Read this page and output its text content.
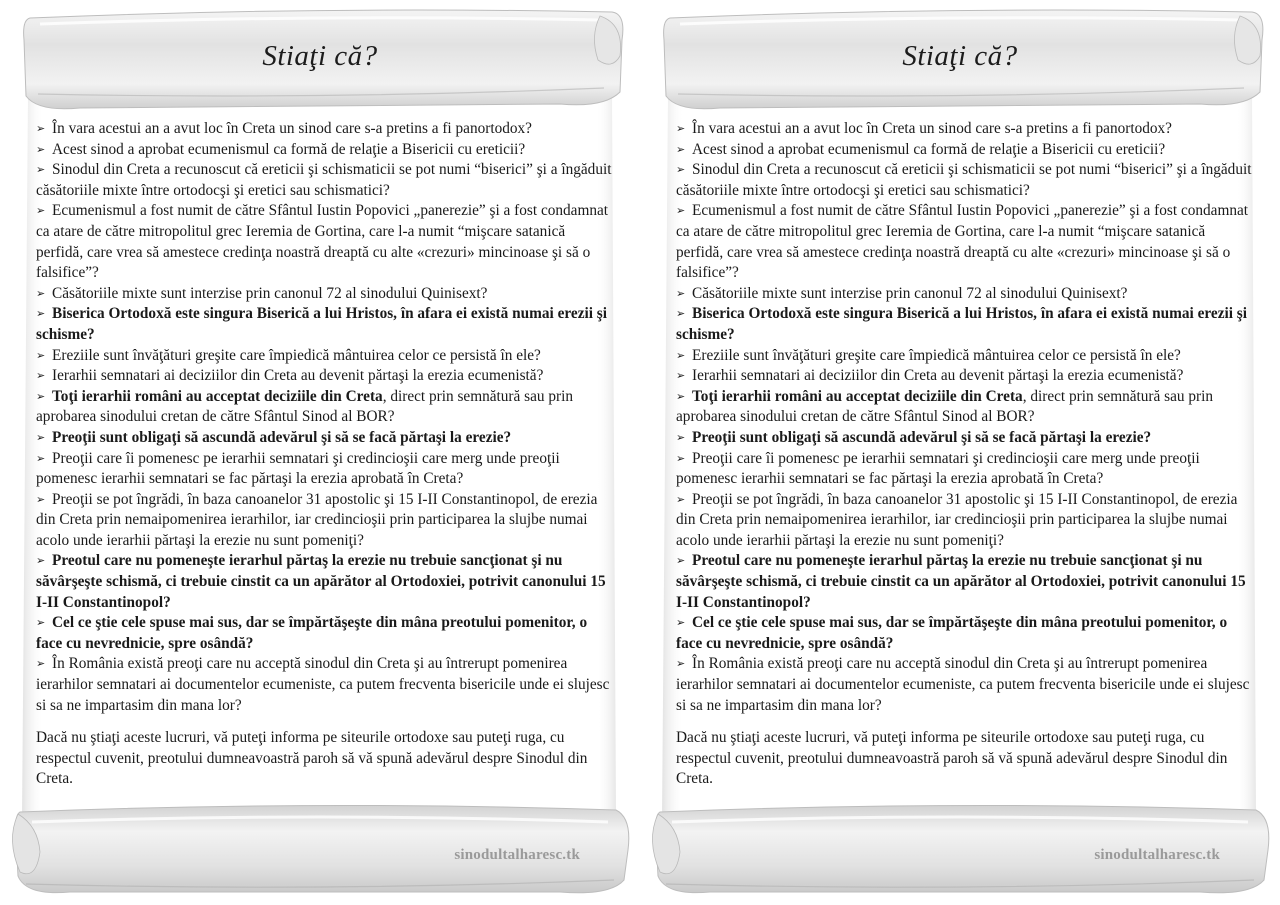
Stiaţi că?
➢ În vara acestui an a avut loc în Creta un sinod care s-a pretins a fi panortodox?
➢ Acest sinod a aprobat ecumenismul ca formă de relaţie a Bisericii cu ereticii?
➢ Sinodul din Creta a recunoscut că ereticii şi schismaticii se pot numi “biserici” şi a îngăduit căsătoriile mixte între ortodocşi şi eretici sau schismatici?
➢ Ecumenismul a fost numit de către Sfântul Iustin Popovici „panerezie” şi a fost condamnat ca atare de către mitropolitul grec Ieremia de Gortina, care l-a numit “mişcare satanică perfidă, care vrea să amestece credinţa noastră dreaptă cu alte «crezuri» mincinoase şi să o falsifice”?
➢ Căsătoriile mixte sunt interzise prin canonul 72 al sinodului Quinisext?
➢ Biserica Ortodoxă este singura Biserică a lui Hristos, în afara ei există numai erezii şi schisme?
➢ Ereziile sunt învăţături greşite care împiedică mântuirea celor ce persistă în ele?
➢ Ierarhii semnatari ai deciziilor din Creta au devenit părtaşi la erezia ecumenistă?
➢ Toţi ierarhii români au acceptat deciziile din Creta, direct prin semnătură sau prin aprobarea sinodului cretan de către Sfântul Sinod al BOR?
➢ Preoţii sunt obligaţi să ascundă adevărul şi să se facă părtaşi la erezie?
➢ Preoţii care îi pomenesc pe ierarhii semnatari şi credincioşii care merg unde preoţii pomenesc ierarhii semnatari se fac părtaşi la erezia aprobată în Creta?
➢ Preoţii se pot îngrădi, în baza canoanelor 31 apostolic şi 15 I-II Constantinopol, de erezia din Creta prin nemaipomenirea ierarhilor, iar credincioşii prin participarea la slujbe numai acolo unde ierarhii părtaşi la erezie nu sunt pomeniţi?
➢ Preotul care nu pomeneşte ierarhul părtaş la erezie nu trebuie sancţionat şi nu săvârşeşte schismă, ci trebuie cinstit ca un apărător al Ortodoxiei, potrivit canonului 15 I-II Constantinopol?
➢ Cel ce ştie cele spuse mai sus, dar se împărtăşeşte din mâna preotului pomenitor, o face cu nevrednicie, spre osândă?
➢ În România există preoţi care nu acceptă sinodul din Creta şi au întrerupt pomenirea ierarhilor semnatari ai documentelor ecumeniste, ca putem frecventa bisericile unde ei slujesc si sa ne impartasim din mana lor?
Dacă nu ştiaţi aceste lucruri, vă puteţi informa pe siteurile ortodoxe sau puteţi ruga, cu respectul cuvenit, preotului dumneavoastră paroh să vă spună adevărul despre Sinodul din Creta.
sinodultalharesc.tk
Stiaţi că?
➢ În vara acestui an a avut loc în Creta un sinod care s-a pretins a fi panortodox?
➢ Acest sinod a aprobat ecumenismul ca formă de relaţie a Bisericii cu ereticii?
➢ Sinodul din Creta a recunoscut că ereticii şi schismaticii se pot numi “biserici” şi a îngăduit căsătoriile mixte între ortodocşi şi eretici sau schismatici?
➢ Ecumenismul a fost numit de către Sfântul Iustin Popovici „panerezie” şi a fost condamnat ca atare de către mitropolitul grec Ieremia de Gortina, care l-a numit “mişcare satanică perfidă, care vrea să amestece credinţa noastră dreaptă cu alte «crezuri» mincinoase şi să o falsifice”?
➢ Căsătoriile mixte sunt interzise prin canonul 72 al sinodului Quinisext?
➢ Biserica Ortodoxă este singura Biserică a lui Hristos, în afara ei există numai erezii şi schisme?
➢ Ereziile sunt învăţături greşite care împiedică mântuirea celor ce persistă în ele?
➢ Ierarhii semnatari ai deciziilor din Creta au devenit părtaşi la erezia ecumenistă?
➢ Toţi ierarhii români au acceptat deciziile din Creta, direct prin semnătură sau prin aprobarea sinodului cretan de către Sfântul Sinod al BOR?
➢ Preoţii sunt obligaţi să ascundă adevărul şi să se facă părtaşi la erezie?
➢ Preoţii care îi pomenesc pe ierarhii semnatari şi credincioşii care merg unde preoţii pomenesc ierarhii semnatari se fac părtaşi la erezia aprobată în Creta?
➢ Preoţii se pot îngrădi, în baza canoanelor 31 apostolic şi 15 I-II Constantinopol, de erezia din Creta prin nemaipomenirea ierarhilor, iar credincioşii prin participarea la slujbe numai acolo unde ierarhii părtaşi la erezie nu sunt pomeniţi?
➢ Preotul care nu pomeneşte ierarhul părtaş la erezie nu trebuie sancţionat şi nu săvârşeşte schismă, ci trebuie cinstit ca un apărător al Ortodoxiei, potrivit canonului 15 I-II Constantinopol?
➢ Cel ce ştie cele spuse mai sus, dar se împărtăşeşte din mâna preotului pomenitor, o face cu nevrednicie, spre osândă?
➢ În România există preoţi care nu acceptă sinodul din Creta şi au întrerupt pomenirea ierarhilor semnatari ai documentelor ecumeniste, ca putem frecventa bisericile unde ei slujesc si sa ne impartasim din mana lor?
Dacă nu ştiaţi aceste lucruri, vă puteţi informa pe siteurile ortodoxe sau puteţi ruga, cu respectul cuvenit, preotului dumneavoastră paroh să vă spună adevărul despre Sinodul din Creta.
sinodultalharesc.tk
